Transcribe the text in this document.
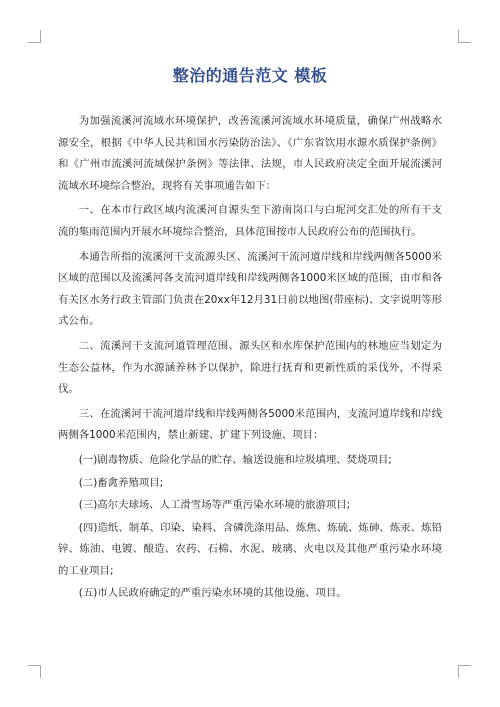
整治的通告范文 模板

为加强流溪河流域水环境保护，改善流溪河流域水环境质量，确保广州战略水源安全，根据《中华人民共和国水污染防治法》、《广东省饮用水源水质保护条例》和《广州市流溪河流域保护条例》等法律、法规，市人民政府决定全面开展流溪河流域水环境综合整治，现将有关事项通告如下：

一、在本市行政区域内流溪河自源头至下游南岗口与白坭河交汇处的所有干支流的集雨范围内开展水环境综合整治，具体范围按市人民政府公布的范围执行。

本通告所指的流溪河干支流源头区、流溪河干流河道岸线和岸线两侧各5000米区域的范围以及流溪河各支流河道岸线和岸线两侧各1000米区域的范围，由市和各有关区水务行政主管部门负责在20xx年12月31日前以地图(带座标)、文字说明等形式公布。

二、流溪河干支流河道管理范围、源头区和水库保护范围内的林地应当划定为生态公益林，作为水源涵养林予以保护，除进行抚育和更新性质的采伐外，不得采伐。

三、在流溪河干流河道岸线和岸线两侧各5000米范围内，支流河道岸线和岸线两侧各1000米范围内，禁止新建、扩建下列设施、项目：

(一)剧毒物质、危险化学品的贮存、输送设施和垃圾填埋、焚烧项目;

(二)畜禽养殖项目;

(三)高尔夫球场、人工滑雪场等严重污染水环境的旅游项目;

(四)造纸、制革、印染、染料、含磷洗涤用品、炼焦、炼硫、炼砷、炼汞、炼铅锌、炼油、电镀、酿造、农药、石棉、水泥、玻璃、火电以及其他严重污染水环境的工业项目;

(五)市人民政府确定的严重污染水环境的其他设施、项目。
